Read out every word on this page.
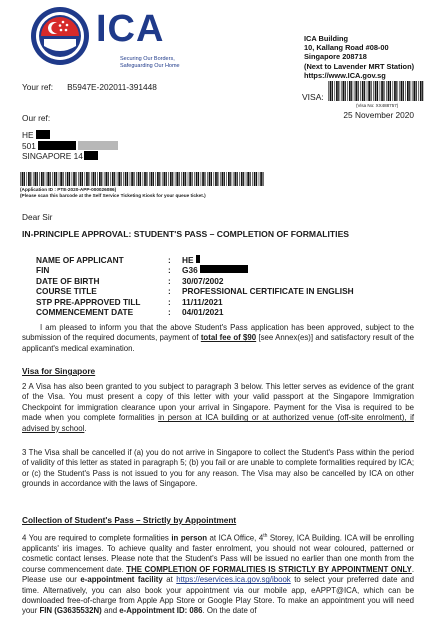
ICA
Securing Our Borders,
Safeguarding Our Home
ICA Building
10, Kallang Road #08-00
Singapore 208718
(Next to Lavender MRT Station)
https://www.ICA.gov.sg
Your ref: B5947E-202011-391448
VISA:
(Visa No: XX488757)
25 November 2020
Our ref:
HE
501
SINGAPORE 14
(Application ID : PTE-2020-APP-000026086)
(Please scan this barcode at the Self Service Ticketing Kiosk for your queue ticket.)
Dear Sir
IN-PRINCIPLE APPROVAL: STUDENT'S PASS – COMPLETION OF FORMALITIES
NAME OF APPLICANT	:	HE
FIN	:	G36
DATE OF BIRTH	:	30/07/2002
COURSE TITLE	:	PROFESSIONAL CERTIFICATE IN ENGLISH
STP PRE-APPROVED TILL	:	11/11/2021
COMMENCEMENT DATE	:	04/01/2021
I am pleased to inform you that the above Student's Pass application has been approved, subject to the submission of the required documents, payment of total fee of $90 [see Annex(es)] and satisfactory result of the applicant's medical examination.
Visa for Singapore
2 A Visa has also been granted to you subject to paragraph 3 below. This letter serves as evidence of the grant of the Visa. You must present a copy of this letter with your valid passport at the Singapore Immigration Checkpoint for immigration clearance upon your arrival in Singapore. Payment for the Visa is required to be made when you complete formalities in person at ICA building or at authorized venue (off-site enrolment), if advised by school.
3 The Visa shall be cancelled if (a) you do not arrive in Singapore to collect the Student's Pass within the period of validity of this letter as stated in paragraph 5; (b) you fail or are unable to complete formalities required by ICA; or (c) the Student's Pass is not issued to you for any reason. The Visa may also be cancelled by ICA on other grounds in accordance with the laws of Singapore.
Collection of Student's Pass – Strictly by Appointment
4 You are required to complete formalities in person at ICA Office, 4th Storey, ICA Building. ICA will be enrolling applicants' iris images. To achieve quality and faster enrolment, you should not wear coloured, patterned or cosmetic contact lenses. Please note that the Student's Pass will be issued no earlier than one month from the course commencement date. THE COMPLETION OF FORMALITIES IS STRICTLY BY APPOINTMENT ONLY. Please use our e-appointment facility at https://eservices.ica.gov.sg/ibook to select your preferred date and time. Alternatively, you can also book your appointment via our mobile app, eAPPT@ICA, which can be downloaded free-of-charge from Apple App Store or Google Play Store. To make an appointment you will need your FIN (G3635532N) and e-Appointment ID: 086. On the date of
